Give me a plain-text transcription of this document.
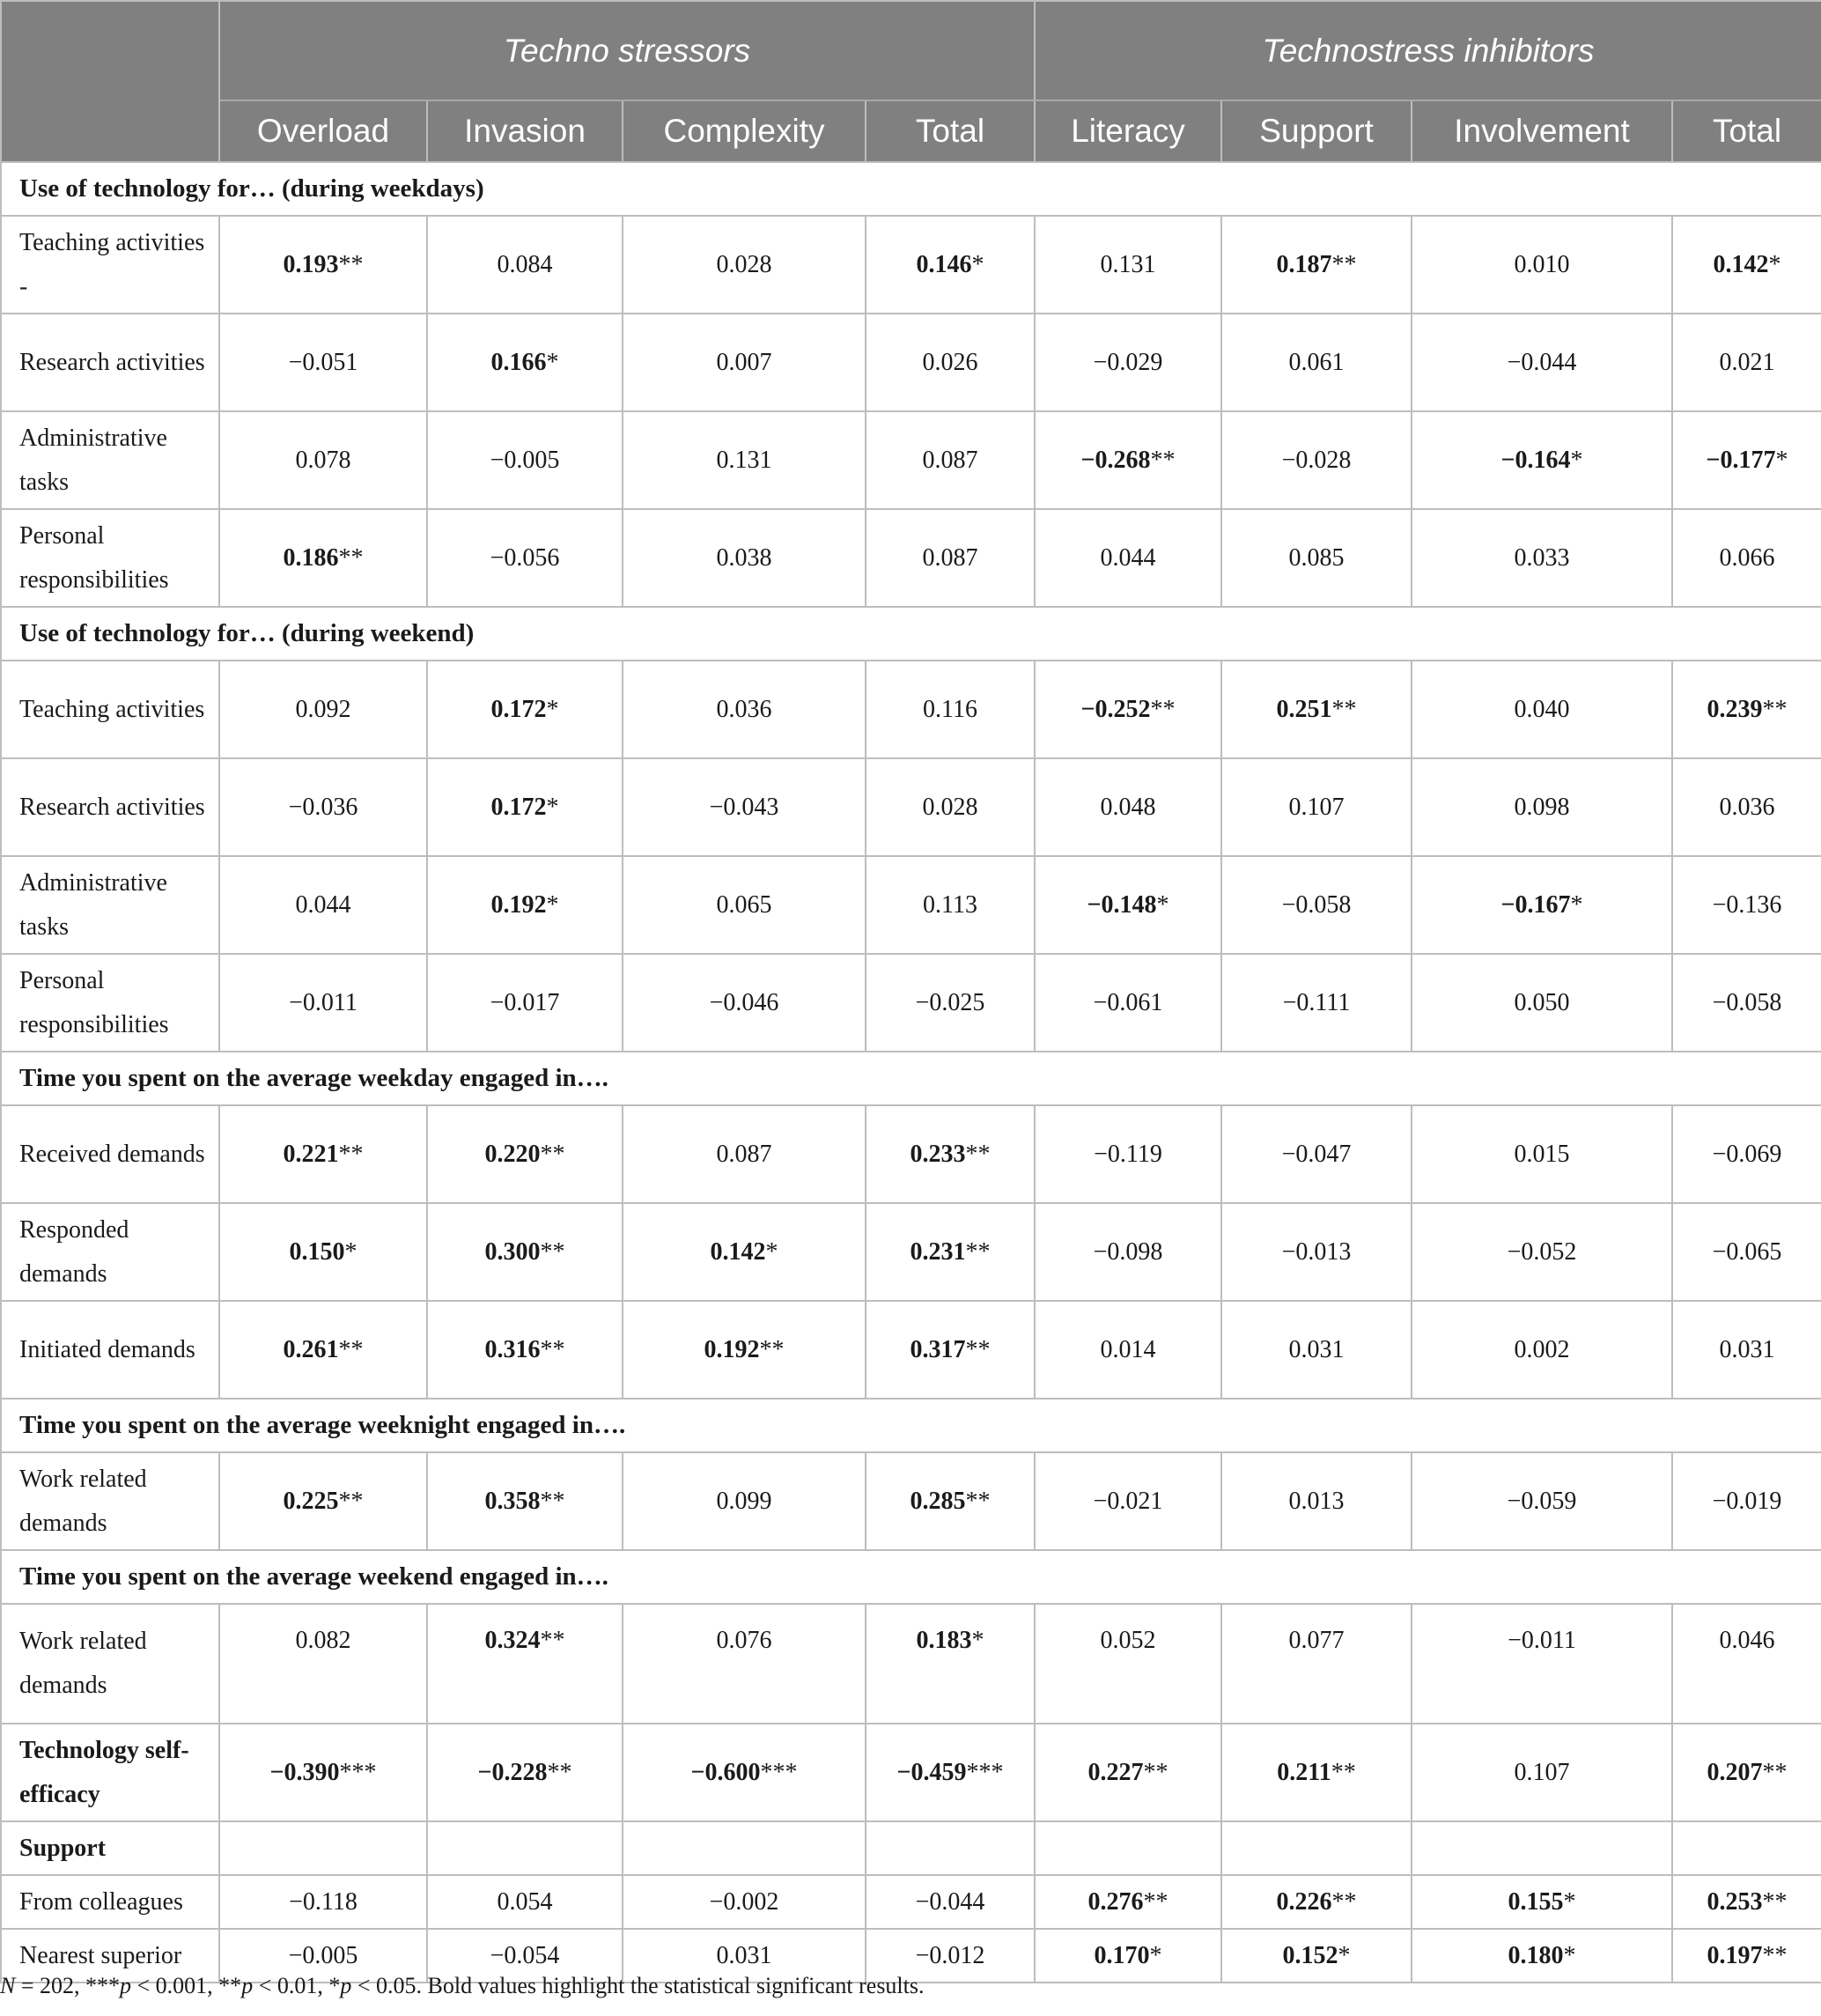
	Techno stressors				Technostress inhibitors			
	Overload	Invasion	Complexity	Total	Literacy	Support	Involvement	Total
Use of technology for… (during weekdays)								
Teaching activities -	0.193**	0.084	0.028	0.146*	0.131	0.187**	0.010	0.142*
Research activities	−0.051	0.166*	0.007	0.026	−0.029	0.061	−0.044	0.021
Administrative tasks	0.078	−0.005	0.131	0.087	−0.268**	−0.028	−0.164*	−0.177*
Personal responsibilities	0.186**	−0.056	0.038	0.087	0.044	0.085	0.033	0.066
Use of technology for… (during weekend)								
Teaching activities	0.092	0.172*	0.036	0.116	−0.252**	0.251**	0.040	0.239**
Research activities	−0.036	0.172*	−0.043	0.028	0.048	0.107	0.098	0.036
Administrative tasks	0.044	0.192*	0.065	0.113	−0.148*	−0.058	−0.167*	−0.136
Personal responsibilities	−0.011	−0.017	−0.046	−0.025	−0.061	−0.111	0.050	−0.058
Time you spent on the average weekday engaged in….								
Received demands	0.221**	0.220**	0.087	0.233**	−0.119	−0.047	0.015	−0.069
Responded demands	0.150*	0.300**	0.142*	0.231**	−0.098	−0.013	−0.052	−0.065
Initiated demands	0.261**	0.316**	0.192**	0.317**	0.014	0.031	0.002	0.031
Time you spent on the average weeknight engaged in….								
Work related demands	0.225**	0.358**	0.099	0.285**	−0.021	0.013	−0.059	−0.019
Time you spent on the average weekend engaged in….								
Work related demands	0.082	0.324**	0.076	0.183*	0.052	0.077	−0.011	0.046
Technology self-efficacy	−0.390***	−0.228**	−0.600***	−0.459***	0.227**	0.211**	0.107	0.207**
Support								
From colleagues	−0.118	0.054	−0.002	−0.044	0.276**	0.226**	0.155*	0.253**
Nearest superior	−0.005	−0.054	0.031	−0.012	0.170*	0.152*	0.180*	0.197**
N = 202, ***p < 0.001, **p < 0.01, *p < 0.05. Bold values highlight the statistical significant results.
